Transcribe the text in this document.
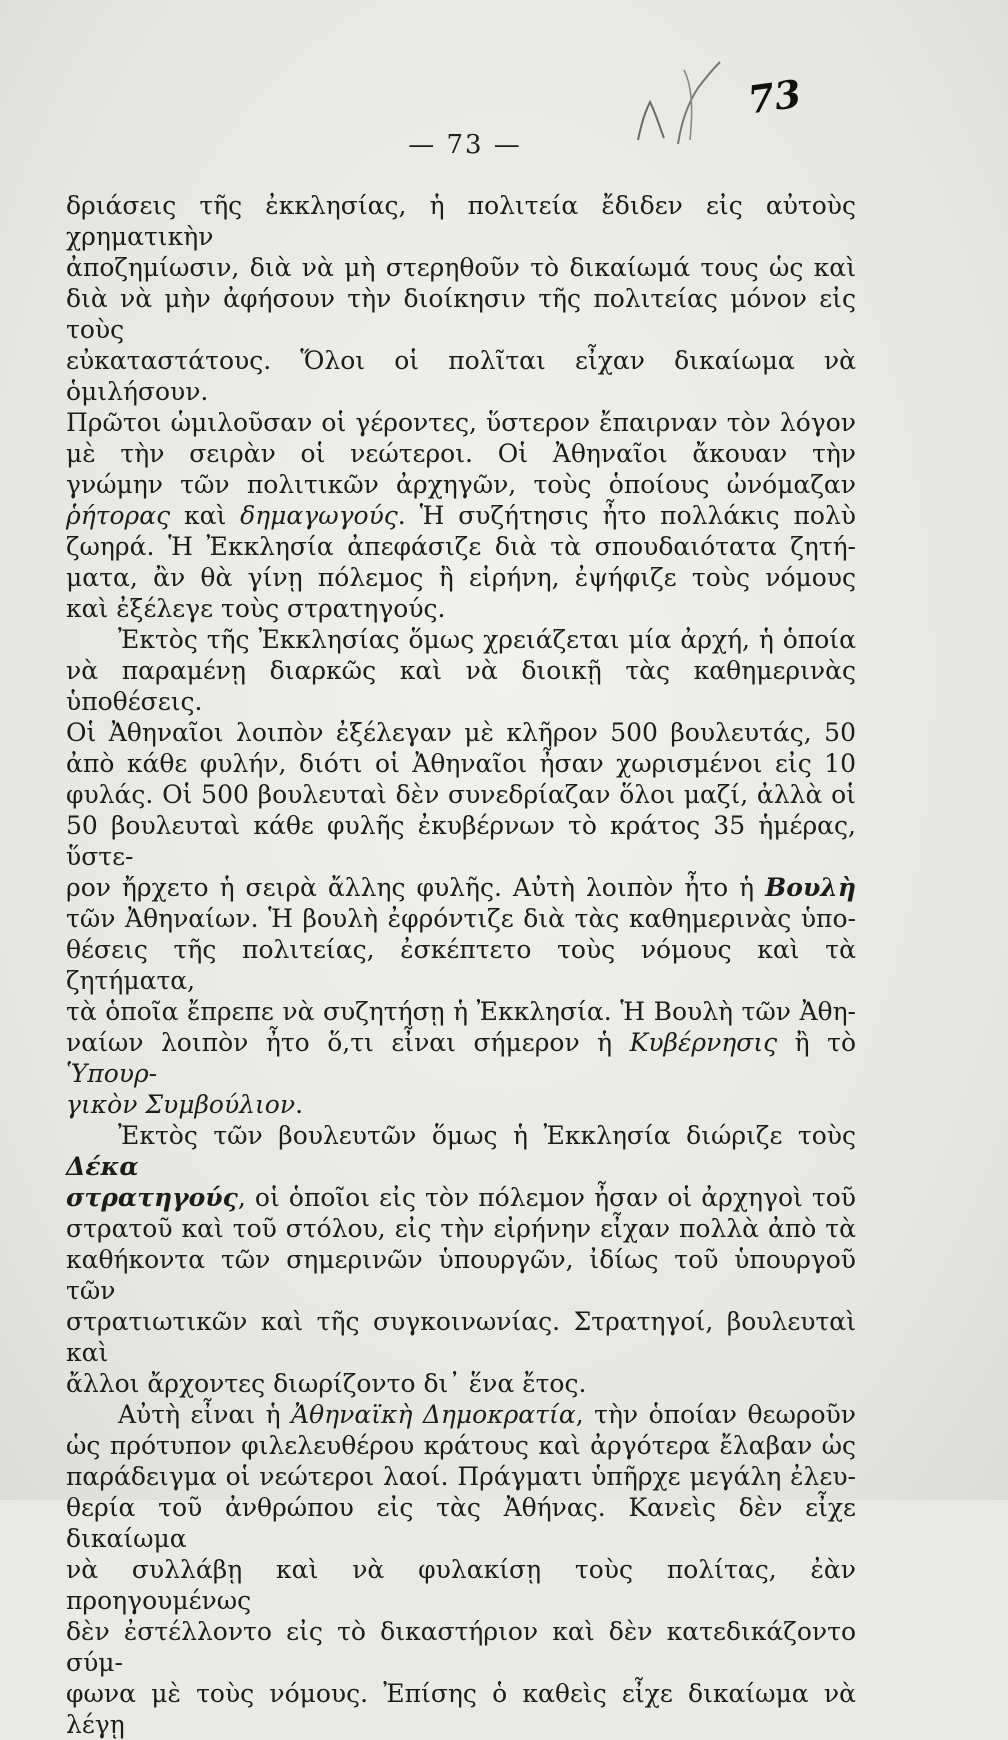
73
— 73 —

δριάσεις τῆς ἐκκλησίας, ἡ πολιτεία ἔδιδεν εἰς αὐτοὺς χρηματικὴν

ἀποζημίωσιν, διὰ νὰ μὴ στερηθοῦν τὸ δικαίωμά τους ὡς καὶ

διὰ νὰ μὴν ἀφήσουν τὴν διοίκησιν τῆς πολιτείας μόνον εἰς τοὺς

εὐκαταστάτους. Ὅλοι οἱ πολῖται εἶχαν δικαίωμα νὰ ὁμιλήσουν.

Πρῶτοι ὡμιλοῦσαν οἱ γέροντες, ὕστερον ἔπαιρναν τὸν λόγον

μὲ τὴν σειρὰν οἱ νεώτεροι. Οἱ Ἀθηναῖοι ἄκουαν τὴν

γνώμην τῶν πολιτικῶν ἀρχηγῶν, τοὺς ὁποίους ὠνόμαζαν

ῥήτορας καὶ δημαγωγούς. Ἡ συζήτησις ἦτο πολλάκις πολὺ

ζωηρά. Ἡ Ἐκκλησία ἀπεφάσιζε διὰ τὰ σπουδαιότατα ζητή-

ματα, ἂν θὰ γίνῃ πόλεμος ἢ εἰρήνη, ἐψήφιζε τοὺς νόμους

καὶ ἐξέλεγε τοὺς στρατηγούς.

Ἐκτὸς τῆς Ἐκκλησίας ὅμως χρειάζεται μία ἀρχή, ἡ ὁποία

νὰ παραμένῃ διαρκῶς καὶ νὰ διοικῇ τὰς καθημερινὰς ὑποθέσεις.

Οἱ Ἀθηναῖοι λοιπὸν ἐξέλεγαν μὲ κλῆρον 500 βουλευτάς, 50

ἀπὸ κάθε φυλήν, διότι οἱ Ἀθηναῖοι ἦσαν χωρισμένοι εἰς 10

φυλάς. Οἱ 500 βουλευταὶ δὲν συνεδρίαζαν ὅλοι μαζί, ἀλλὰ οἱ

50 βουλευταὶ κάθε φυλῆς ἐκυβέρνων τὸ κράτος 35 ἡμέρας, ὕστε-

ρον ἤρχετο ἡ σειρὰ ἄλλης φυλῆς. Αὐτὴ λοιπὸν ἦτο ἡ Βουλὴ

τῶν Ἀθηναίων. Ἡ βουλὴ ἐφρόντιζε διὰ τὰς καθημερινὰς ὑπο-

θέσεις τῆς πολιτείας, ἐσκέπτετο τοὺς νόμους καὶ τὰ ζητήματα,

τὰ ὁποῖα ἔπρεπε νὰ συζητήσῃ ἡ Ἐκκλησία. Ἡ Βουλὴ τῶν Ἀθη-

ναίων λοιπὸν ἦτο ὅ,τι εἶναι σήμερον ἡ Κυβέρνησις ἢ τὸ Ὑπουρ-

γικὸν Συμβούλιον.

Ἐκτὸς τῶν βουλευτῶν ὅμως ἡ Ἐκκλησία διώριζε τοὺς Δέκα

στρατηγούς, οἱ ὁποῖοι εἰς τὸν πόλεμον ἦσαν οἱ ἀρχηγοὶ τοῦ

στρατοῦ καὶ τοῦ στόλου, εἰς τὴν εἰρήνην εἶχαν πολλὰ ἀπὸ τὰ

καθήκοντα τῶν σημερινῶν ὑπουργῶν, ἰδίως τοῦ ὑπουργοῦ τῶν

στρατιωτικῶν καὶ τῆς συγκοινωνίας. Στρατηγοί, βουλευταὶ καὶ

ἄλλοι ἄρχοντες διωρίζοντο δι᾽ ἕνα ἔτος.

Αὐτὴ εἶναι ἡ Ἀθηναϊκὴ Δημοκρατία, τὴν ὁποίαν θεωροῦν

ὡς πρότυπον φιλελευθέρου κράτους καὶ ἀργότερα ἔλαβαν ὡς

παράδειγμα οἱ νεώτεροι λαοί. Πράγματι ὑπῆρχε μεγάλη ἐλευ-

θερία τοῦ ἀνθρώπου εἰς τὰς Ἀθήνας. Κανεὶς δὲν εἶχε δικαίωμα

νὰ συλλάβῃ καὶ νὰ φυλακίσῃ τοὺς πολίτας, ἐὰν προηγουμένως

δὲν ἐστέλλοντο εἰς τὸ δικαστήριον καὶ δὲν κατεδικάζοντο σύμ-

φωνα μὲ τοὺς νόμους. Ἐπίσης ὁ καθεὶς εἶχε δικαίωμα νὰ λέγῃ
